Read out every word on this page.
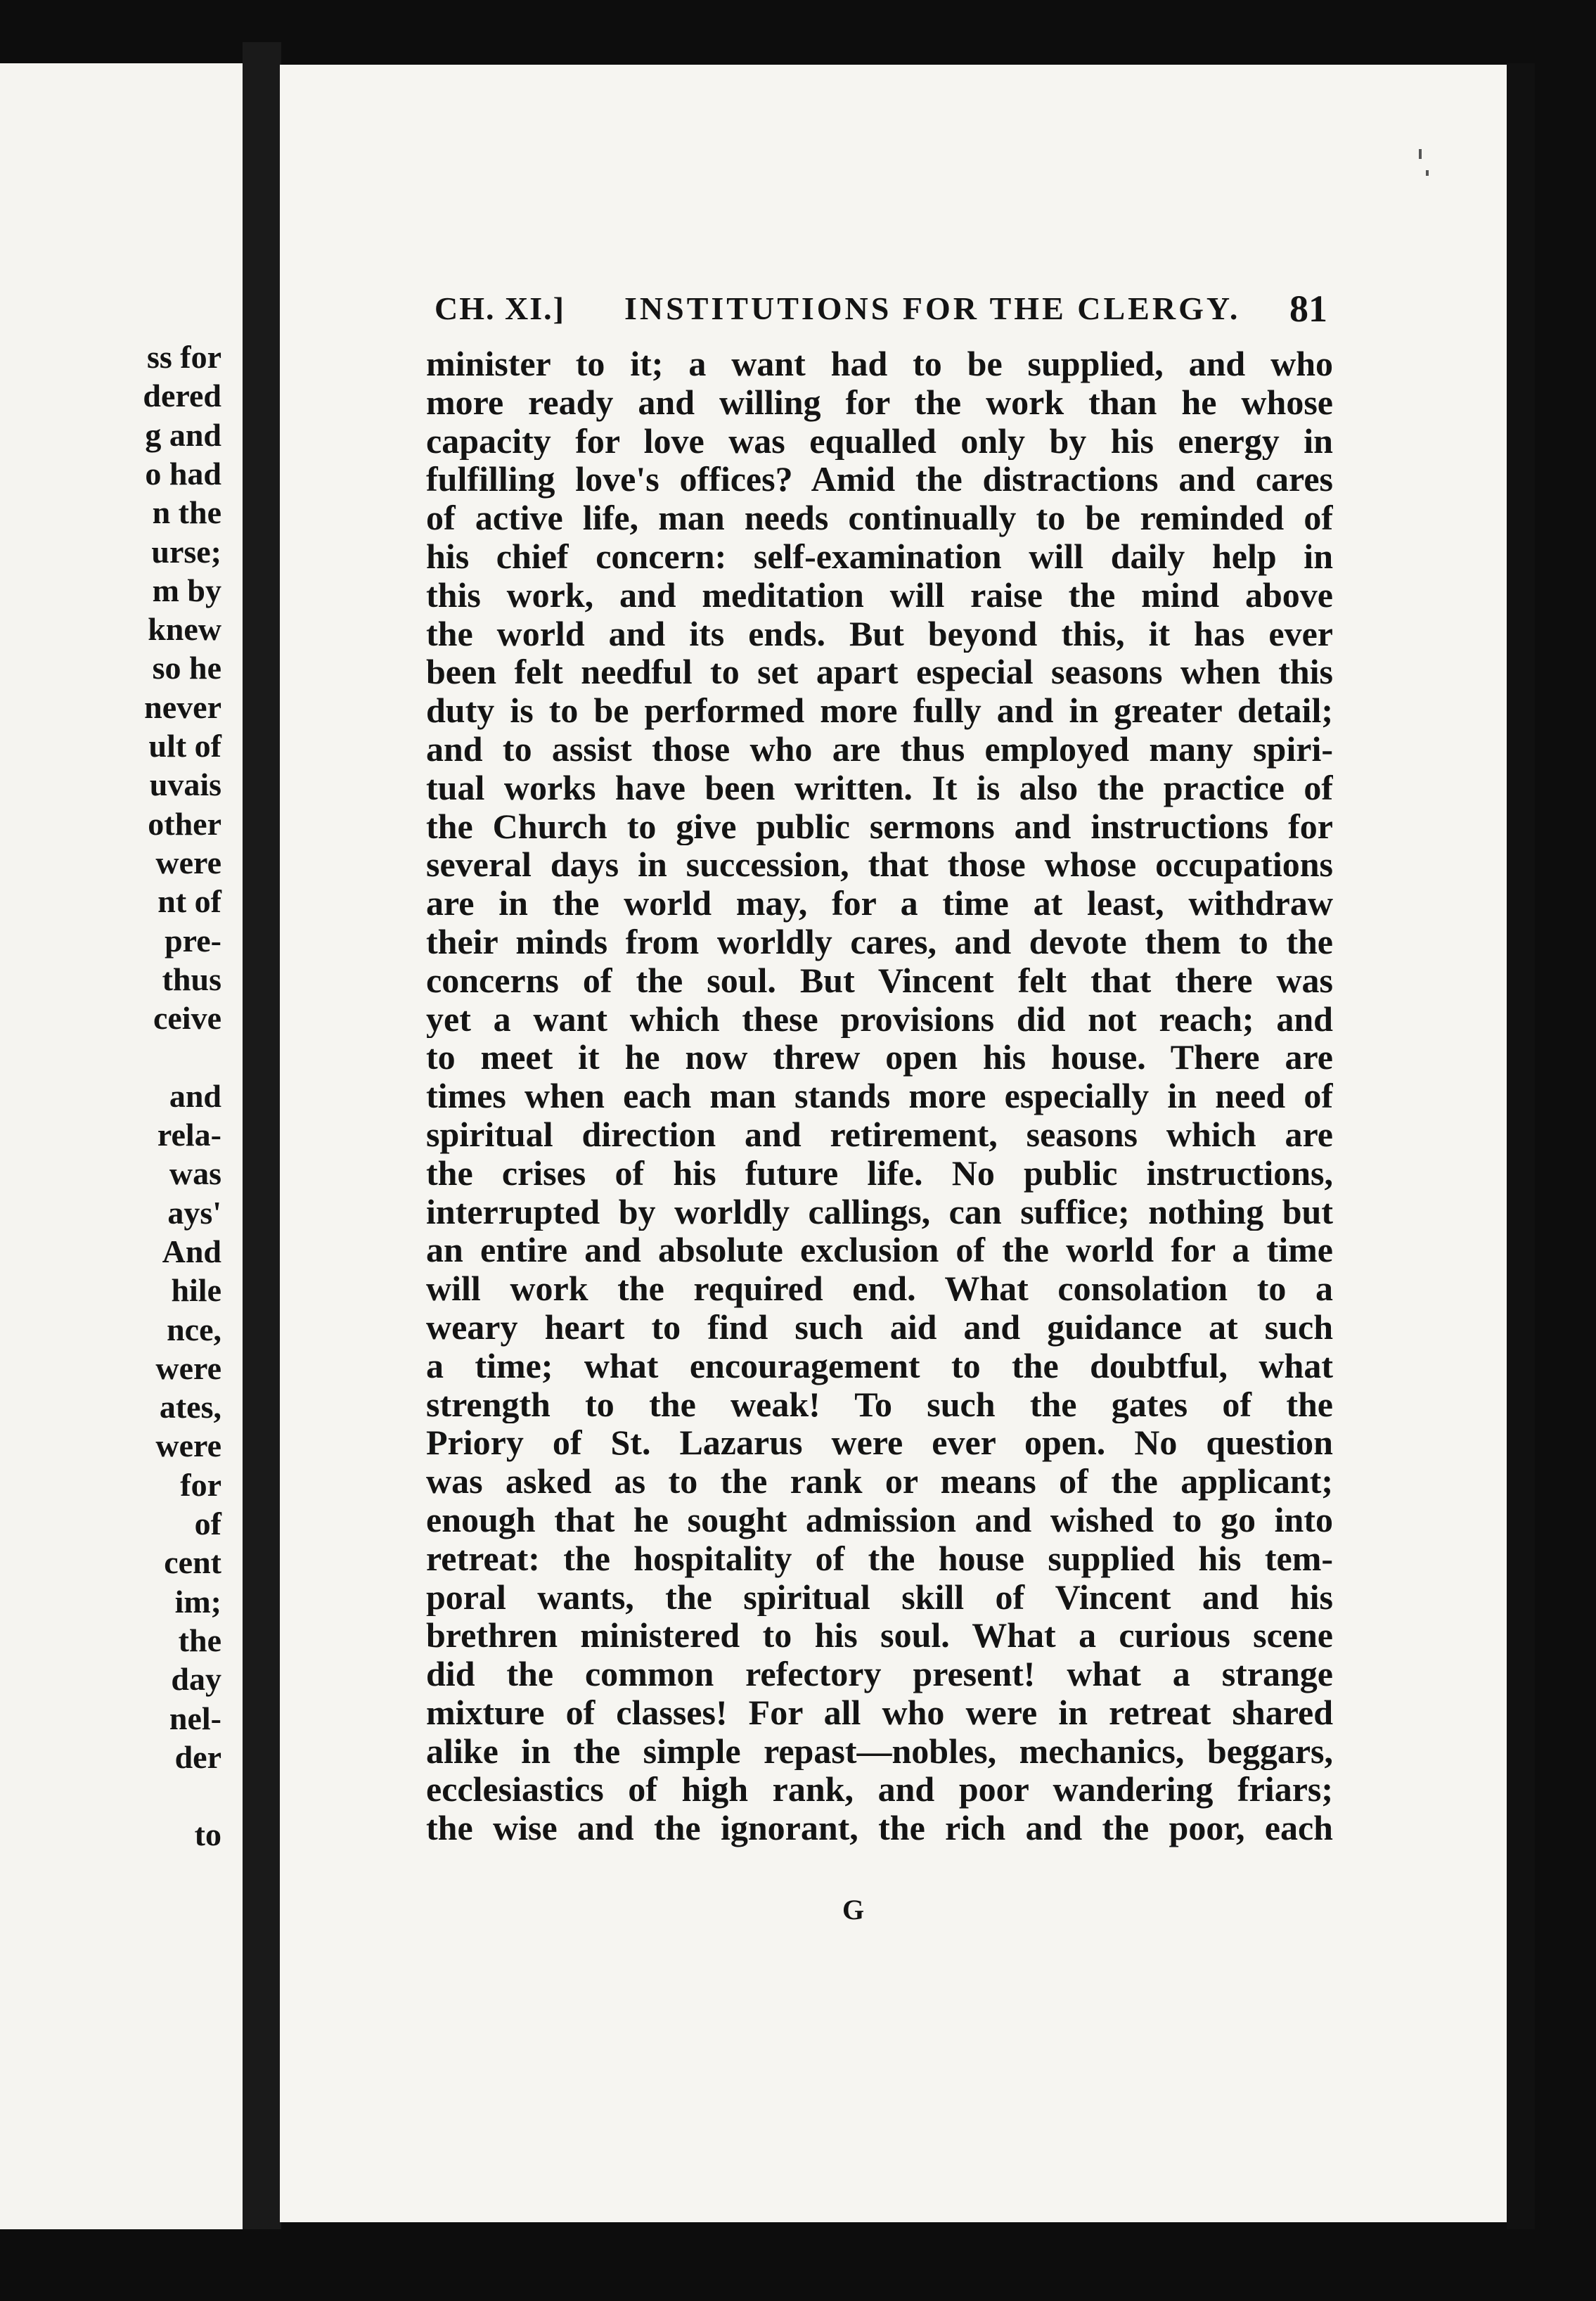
ss for
dered
g and
o had
n the
urse;
m by
knew
so he
never
ult of
uvais
other
were
nt of
pre-
thus
ceive
and
rela-
was
ays'
And
hile
nce,
were
ates,
were
for
of
cent
im;
the
day
nel-
der
to
CH. XI.] INSTITUTIONS FOR THE CLERGY. 81
minister to it; a want had to be supplied, and who
more ready and willing for the work than he whose
capacity for love was equalled only by his energy in
fulfilling love's offices? Amid the distractions and cares
of active life, man needs continually to be reminded of
his chief concern: self-examination will daily help in
this work, and meditation will raise the mind above
the world and its ends. But beyond this, it has ever
been felt needful to set apart especial seasons when this
duty is to be performed more fully and in greater detail;
and to assist those who are thus employed many spiri-
tual works have been written. It is also the practice of
the Church to give public sermons and instructions for
several days in succession, that those whose occupations
are in the world may, for a time at least, withdraw
their minds from worldly cares, and devote them to the
concerns of the soul. But Vincent felt that there was
yet a want which these provisions did not reach; and
to meet it he now threw open his house. There are
times when each man stands more especially in need of
spiritual direction and retirement, seasons which are
the crises of his future life. No public instructions,
interrupted by worldly callings, can suffice; nothing but
an entire and absolute exclusion of the world for a time
will work the required end. What consolation to a
weary heart to find such aid and guidance at such
a time; what encouragement to the doubtful, what
strength to the weak! To such the gates of the
Priory of St. Lazarus were ever open. No question
was asked as to the rank or means of the applicant;
enough that he sought admission and wished to go into
retreat: the hospitality of the house supplied his tem-
poral wants, the spiritual skill of Vincent and his
brethren ministered to his soul. What a curious scene
did the common refectory present! what a strange
mixture of classes! For all who were in retreat shared
alike in the simple repast—nobles, mechanics, beggars,
ecclesiastics of high rank, and poor wandering friars;
the wise and the ignorant, the rich and the poor, each
G
